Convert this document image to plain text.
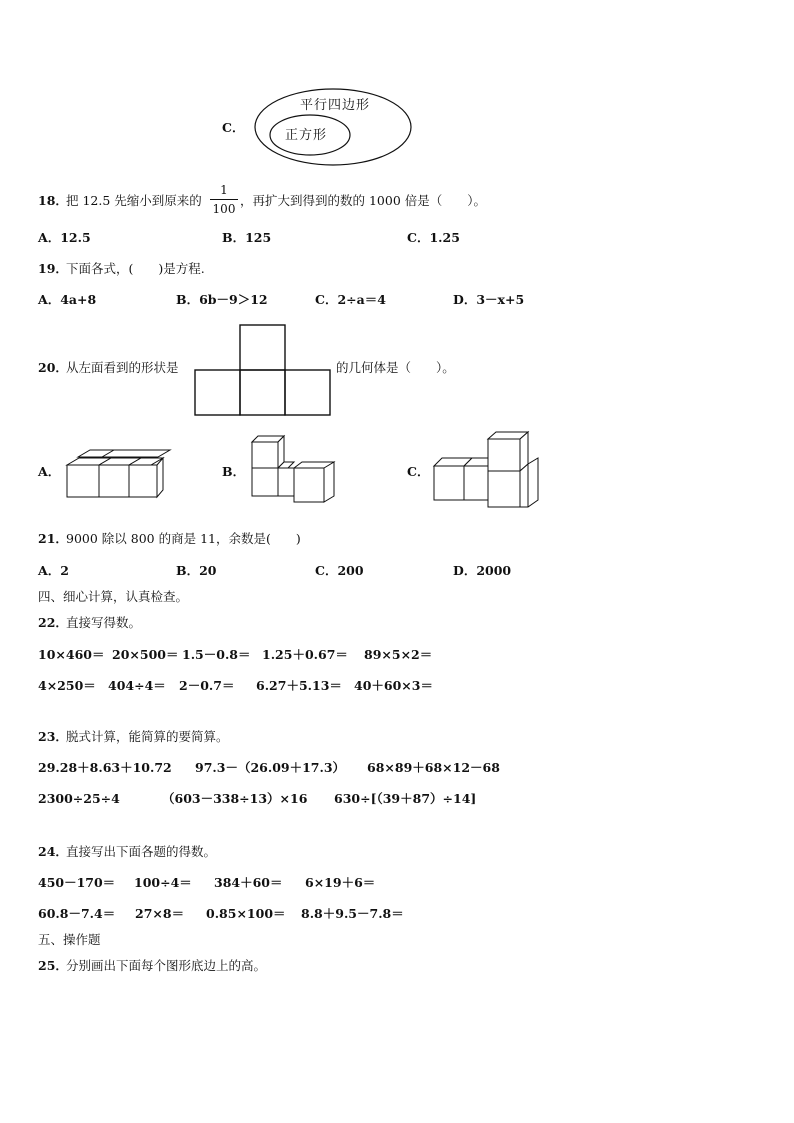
C．
平行四边形
正方形
18．
把 12.5 先缩小到原来的
1
100
，再扩大到得到的数的 1000 倍是（　　）。
A．12.5	B．125	C．1.25
19．
下面各式，(　　)是方程.
A．4a+8	B．6b－9＞12	C．2÷a＝4	D．3－x+5
20．
从左面看到的形状是	的几何体是（　　）。
A．	B．	C．
21．
9000 除以 800 的商是 11，余数是(　　)
A．2	B．20	C．200	D．2000
四、细心计算，认真检查。
22．
直接写得数。
10×460＝ 20×500＝ 1.5－0.8＝ 1.25＋0.67＝ 89×5×2＝
4×250＝ 404÷4＝ 2－0.7＝ 6.27＋5.13＝ 40＋60×3＝
23．
脱式计算，能简算的要简算。
29.28＋8.63＋10.72 97.3－（26.09＋17.3） 68×89＋68×12－68
2300÷25÷4	（603－338÷13）×16 630÷[（39＋87）÷14]
24．
直接写出下面各题的得数。
450－170＝ 100÷4＝ 384＋60＝ 6×19＋6＝
60.8－7.4＝ 27×8＝ 0.85×100＝ 8.8＋9.5－7.8＝
五、操作题
25．
分别画出下面每个图形底边上的高。
